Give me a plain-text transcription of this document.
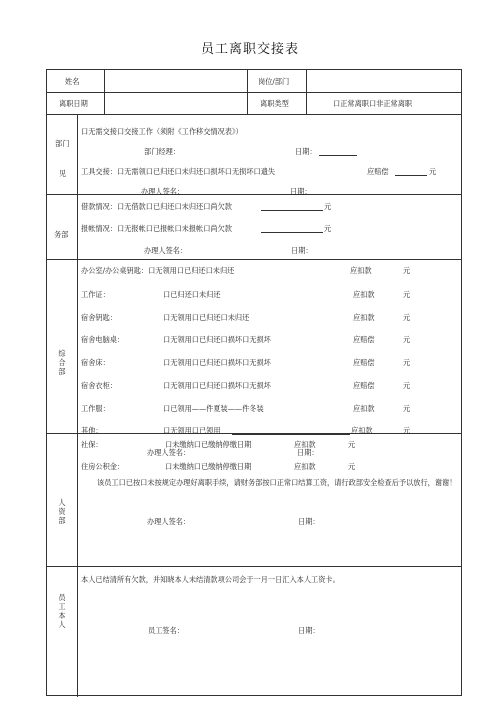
员工离职交接表
姓名	岗位/部门
离职日期	离职类型	口正常离职口非正常离职
部门
见
口无需交接口交接工作（须附《工作移交情况表》）
部门经理：	日期：
工具交接：口无需领口已归还口未归还口损坏口无损坏口遗失	应赔偿	元
办理人签名：	日期：
务部
借款情况：口无借款口已归还口未归还口尚欠款	元
报帐情况：口无报帐口已报帐口未报帐口尚欠款	元
办理人签名：	日期：
综合部
办公室/办公桌钥匙：口无领用口已归还口未归还	应扣款	元
工作证：	口已归还口未归还	应扣款	元
宿舍钥匙：	口无领用口已归还口未归还	应扣款	元
宿舍电脑桌：	口无领用口已归还口损坏口无损坏	应赔偿	元
宿舍床：	口无领用口已归还口损坏口无损坏	应赔偿	元
宿舍衣柜：	口无领用口已归还口损坏口无损坏	应赔偿	元
工作服：	口已领用——件夏装——件冬装	应扣款	元
其他：	口无领用口已领用	应扣款	元
办理人签名：	日期：
人资部
社保：	口未缴纳口已缴纳停缴日期	应扣款	元
住房公积金：	口未缴纳口已缴纳停缴日期	应扣款	元
该员工口已按口未按规定办理好离职手续，请财务部按口正常口结算工资，请行政部安全检查后予以放行，谢谢！
办理人签名：	日期：
员工本人
本人已结清所有欠款，并知晓本人未结清款项公司会于一月一日汇入本人工资卡。
员工签名：	日期：
